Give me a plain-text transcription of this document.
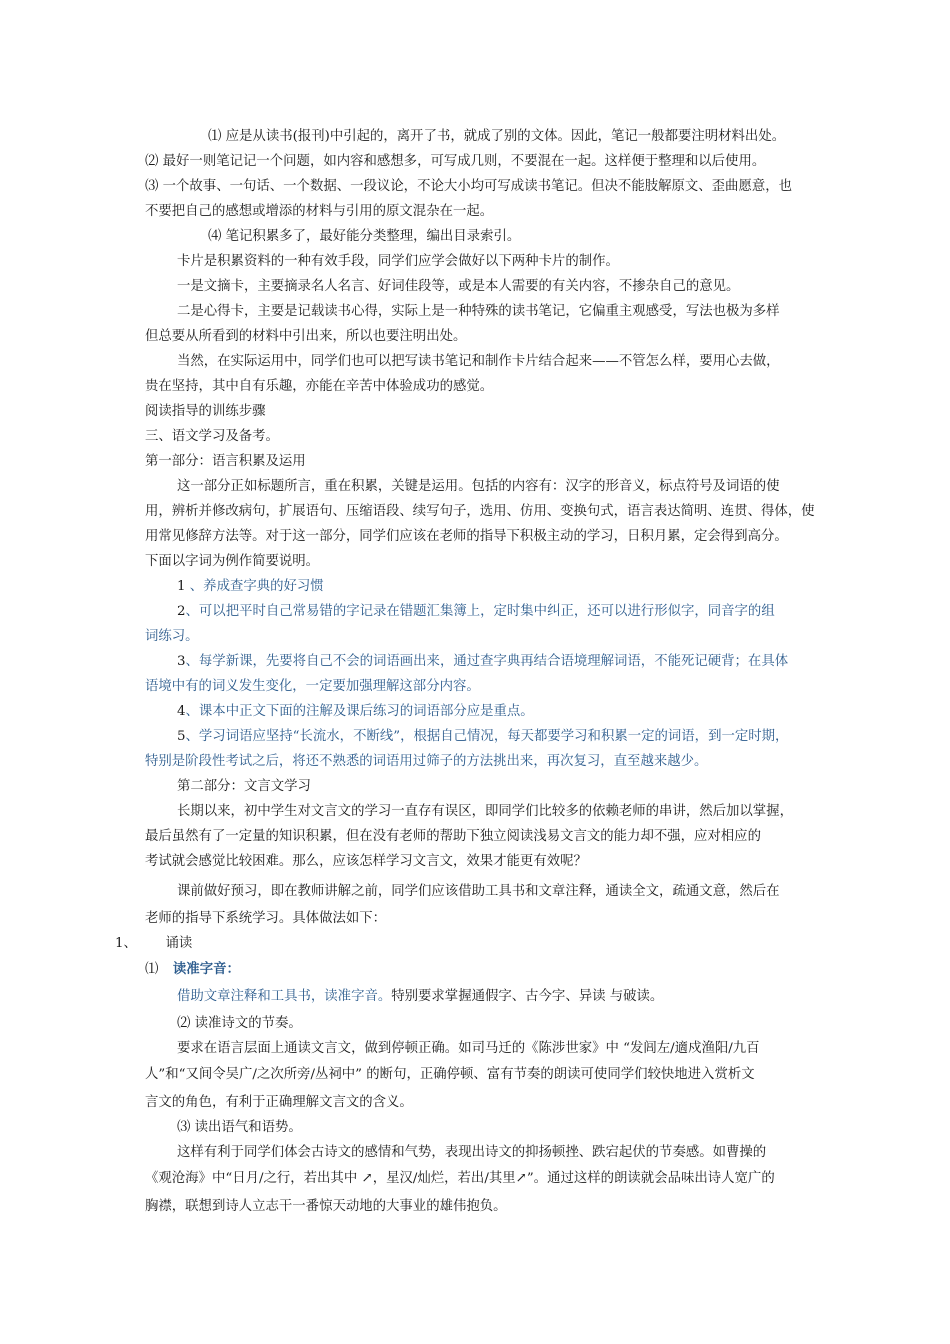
⑴ 应是从读书(报刊)中引起的，离开了书，就成了别的文体。因此，笔记一般都要注明材料出处。
⑵ 最好一则笔记记一个问题，如内容和感想多，可写成几则，不要混在一起。这样便于整理和以后使用。
⑶ 一个故事、一句话、一个数据、一段议论，不论大小均可写成读书笔记。但决不能肢解原文、歪曲愿意，也
不要把自己的感想或增添的材料与引用的原文混杂在一起。
⑷ 笔记积累多了，最好能分类整理，编出目录索引。
卡片是积累资料的一种有效手段，同学们应学会做好以下两种卡片的制作。
一是文摘卡，主要摘录名人名言、好词佳段等，或是本人需要的有关内容，不掺杂自己的意见。
二是心得卡，主要是记载读书心得，实际上是一种特殊的读书笔记，它偏重主观感受，写法也极为多样
但总要从所看到的材料中引出来，所以也要注明出处。
当然，在实际运用中，同学们也可以把写读书笔记和制作卡片结合起来——不管怎么样，要用心去做，
贵在坚持，其中自有乐趣，亦能在辛苦中体验成功的感觉。
阅读指导的训练步骤
三、语文学习及备考。
第一部分：语言积累及运用
这一部分正如标题所言，重在积累，关键是运用。包括的内容有：汉字的形音义，标点符号及词语的使
用，辨析并修改病句，扩展语句、压缩语段、续写句子，选用、仿用、变换句式，语言表达简明、连贯、得体，使
用常见修辞方法等。对于这一部分，同学们应该在老师的指导下积极主动的学习，日积月累，定会得到高分。
下面以字词为例作简要说明。
1 、养成查字典的好习惯
2、可以把平时自己常易错的字记录在错题汇集簿上，定时集中纠正，还可以进行形似字，同音字的组
词练习。
3、每学新课，先要将自己不会的词语画出来，通过查字典再结合语境理解词语，不能死记硬背；在具体
语境中有的词义发生变化，一定要加强理解这部分内容。
4、课本中正文下面的注解及课后练习的词语部分应是重点。
5、学习词语应坚持“长流水，不断线”，根据自己情况，每天都要学习和积累一定的词语，到一定时期，
特别是阶段性考试之后，将还不熟悉的词语用过筛子的方法挑出来，再次复习，直至越来越少。
第二部分：文言文学习
长期以来，初中学生对文言文的学习一直存有误区，即同学们比较多的依赖老师的串讲，然后加以掌握，
最后虽然有了一定量的知识积累，但在没有老师的帮助下独立阅读浅易文言文的能力却不强，应对相应的
考试就会感觉比较困难。那么，应该怎样学习文言文，效果才能更有效呢？
课前做好预习，即在教师讲解之前，同学们应该借助工具书和文章注释，通读全文，疏通文意，然后在
老师的指导下系统学习。具体做法如下：
1、 诵读
⑴ 读准字音：
借助文章注释和工具书，读准字音。特别要求掌握通假字、古今字、异读 与破读。
⑵ 读准诗文的节奏。
要求在语言层面上通读文言文，做到停顿正确。如司马迁的《陈涉世家》中 “发闾左/適戍渔阳/九百
人”和“又间令吴广/之次所旁/丛祠中” 的断句，正确停顿、富有节奏的朗读可使同学们较快地进入赏析文
言文的角色，有利于正确理解文言文的含义。
⑶ 读出语气和语势。
这样有利于同学们体会古诗文的感情和气势，表现出诗文的抑扬顿挫、跌宕起伏的节奏感。如曹操的
《观沧海》中“日月/之行，若出其中 ↗，星汉/灿烂，若出/其里↗”。通过这样的朗读就会品味出诗人宽广的
胸襟，联想到诗人立志干一番惊天动地的大事业的雄伟抱负。
